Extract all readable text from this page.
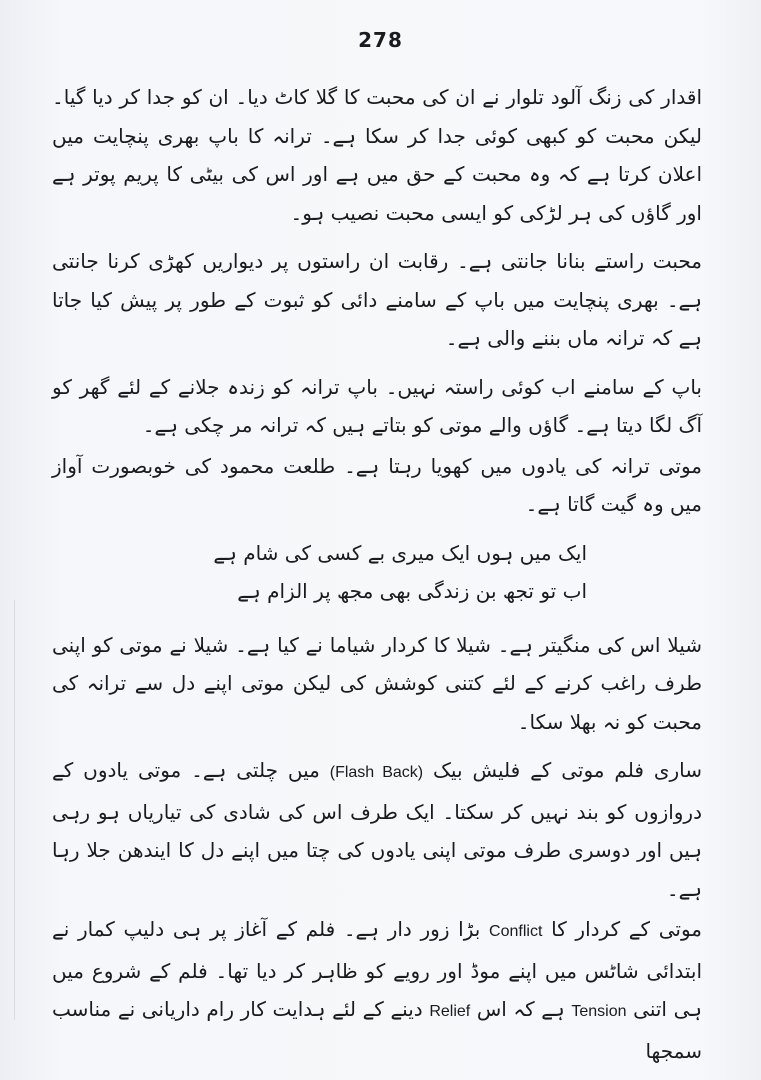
278

اقدار کی زنگ آلود تلوار نے ان کی محبت کا گلا کاٹ دیا۔ ان کو جدا کر دیا گیا۔ لیکن محبت کو کبھی کوئی جدا کر سکا ہے۔ ترانہ کا باپ بھری پنچایت میں اعلان کرتا ہے کہ وہ محبت کے حق میں ہے اور اس کی بیٹی کا پریم پوتر ہے اور گاؤں کی ہر لڑکی کو ایسی محبت نصیب ہو۔

محبت راستے بنانا جانتی ہے۔ رقابت ان راستوں پر دیواریں کھڑی کرنا جانتی ہے۔ بھری پنچایت میں باپ کے سامنے دائی کو ثبوت کے طور پر پیش کیا جاتا ہے کہ ترانہ ماں بننے والی ہے۔

باپ کے سامنے اب کوئی راستہ نہیں۔ باپ ترانہ کو زندہ جلانے کے لئے گھر کو آگ لگا دیتا ہے۔ گاؤں والے موتی کو بتاتے ہیں کہ ترانہ مر چکی ہے۔

موتی ترانہ کی یادوں میں کھویا رہتا ہے۔ طلعت محمود کی خوبصورت آواز میں وہ گیت گاتا ہے۔

ایک میں ہوں ایک میری بے کسی کی شام ہے
اب تو تجھ بن زندگی بھی مجھ پر الزام ہے

شیلا اس کی منگیتر ہے۔ شیلا کا کردار شیاما نے کیا ہے۔ شیلا نے موتی کو اپنی طرف راغب کرنے کے لئے کتنی کوشش کی لیکن موتی اپنے دل سے ترانہ کی محبت کو نہ بھلا سکا۔

ساری فلم موتی کے فلیش بیک (Flash Back) میں چلتی ہے۔ موتی یادوں کے دروازوں کو بند نہیں کر سکتا۔ ایک طرف اس کی شادی کی تیاریاں ہو رہی ہیں اور دوسری طرف موتی اپنی یادوں کی چتا میں اپنے دل کا ایندھن جلا رہا ہے۔

موتی کے کردار کا Conflict بڑا زور دار ہے۔ فلم کے آغاز پر ہی دلیپ کمار نے ابتدائی شاٹس میں اپنے موڈ اور رویے کو ظاہر کر دیا تھا۔ فلم کے شروع میں ہی اتنی Tension ہے کہ اس Relief دینے کے لئے ہدایت کار رام داریانی نے مناسب سمجھا
